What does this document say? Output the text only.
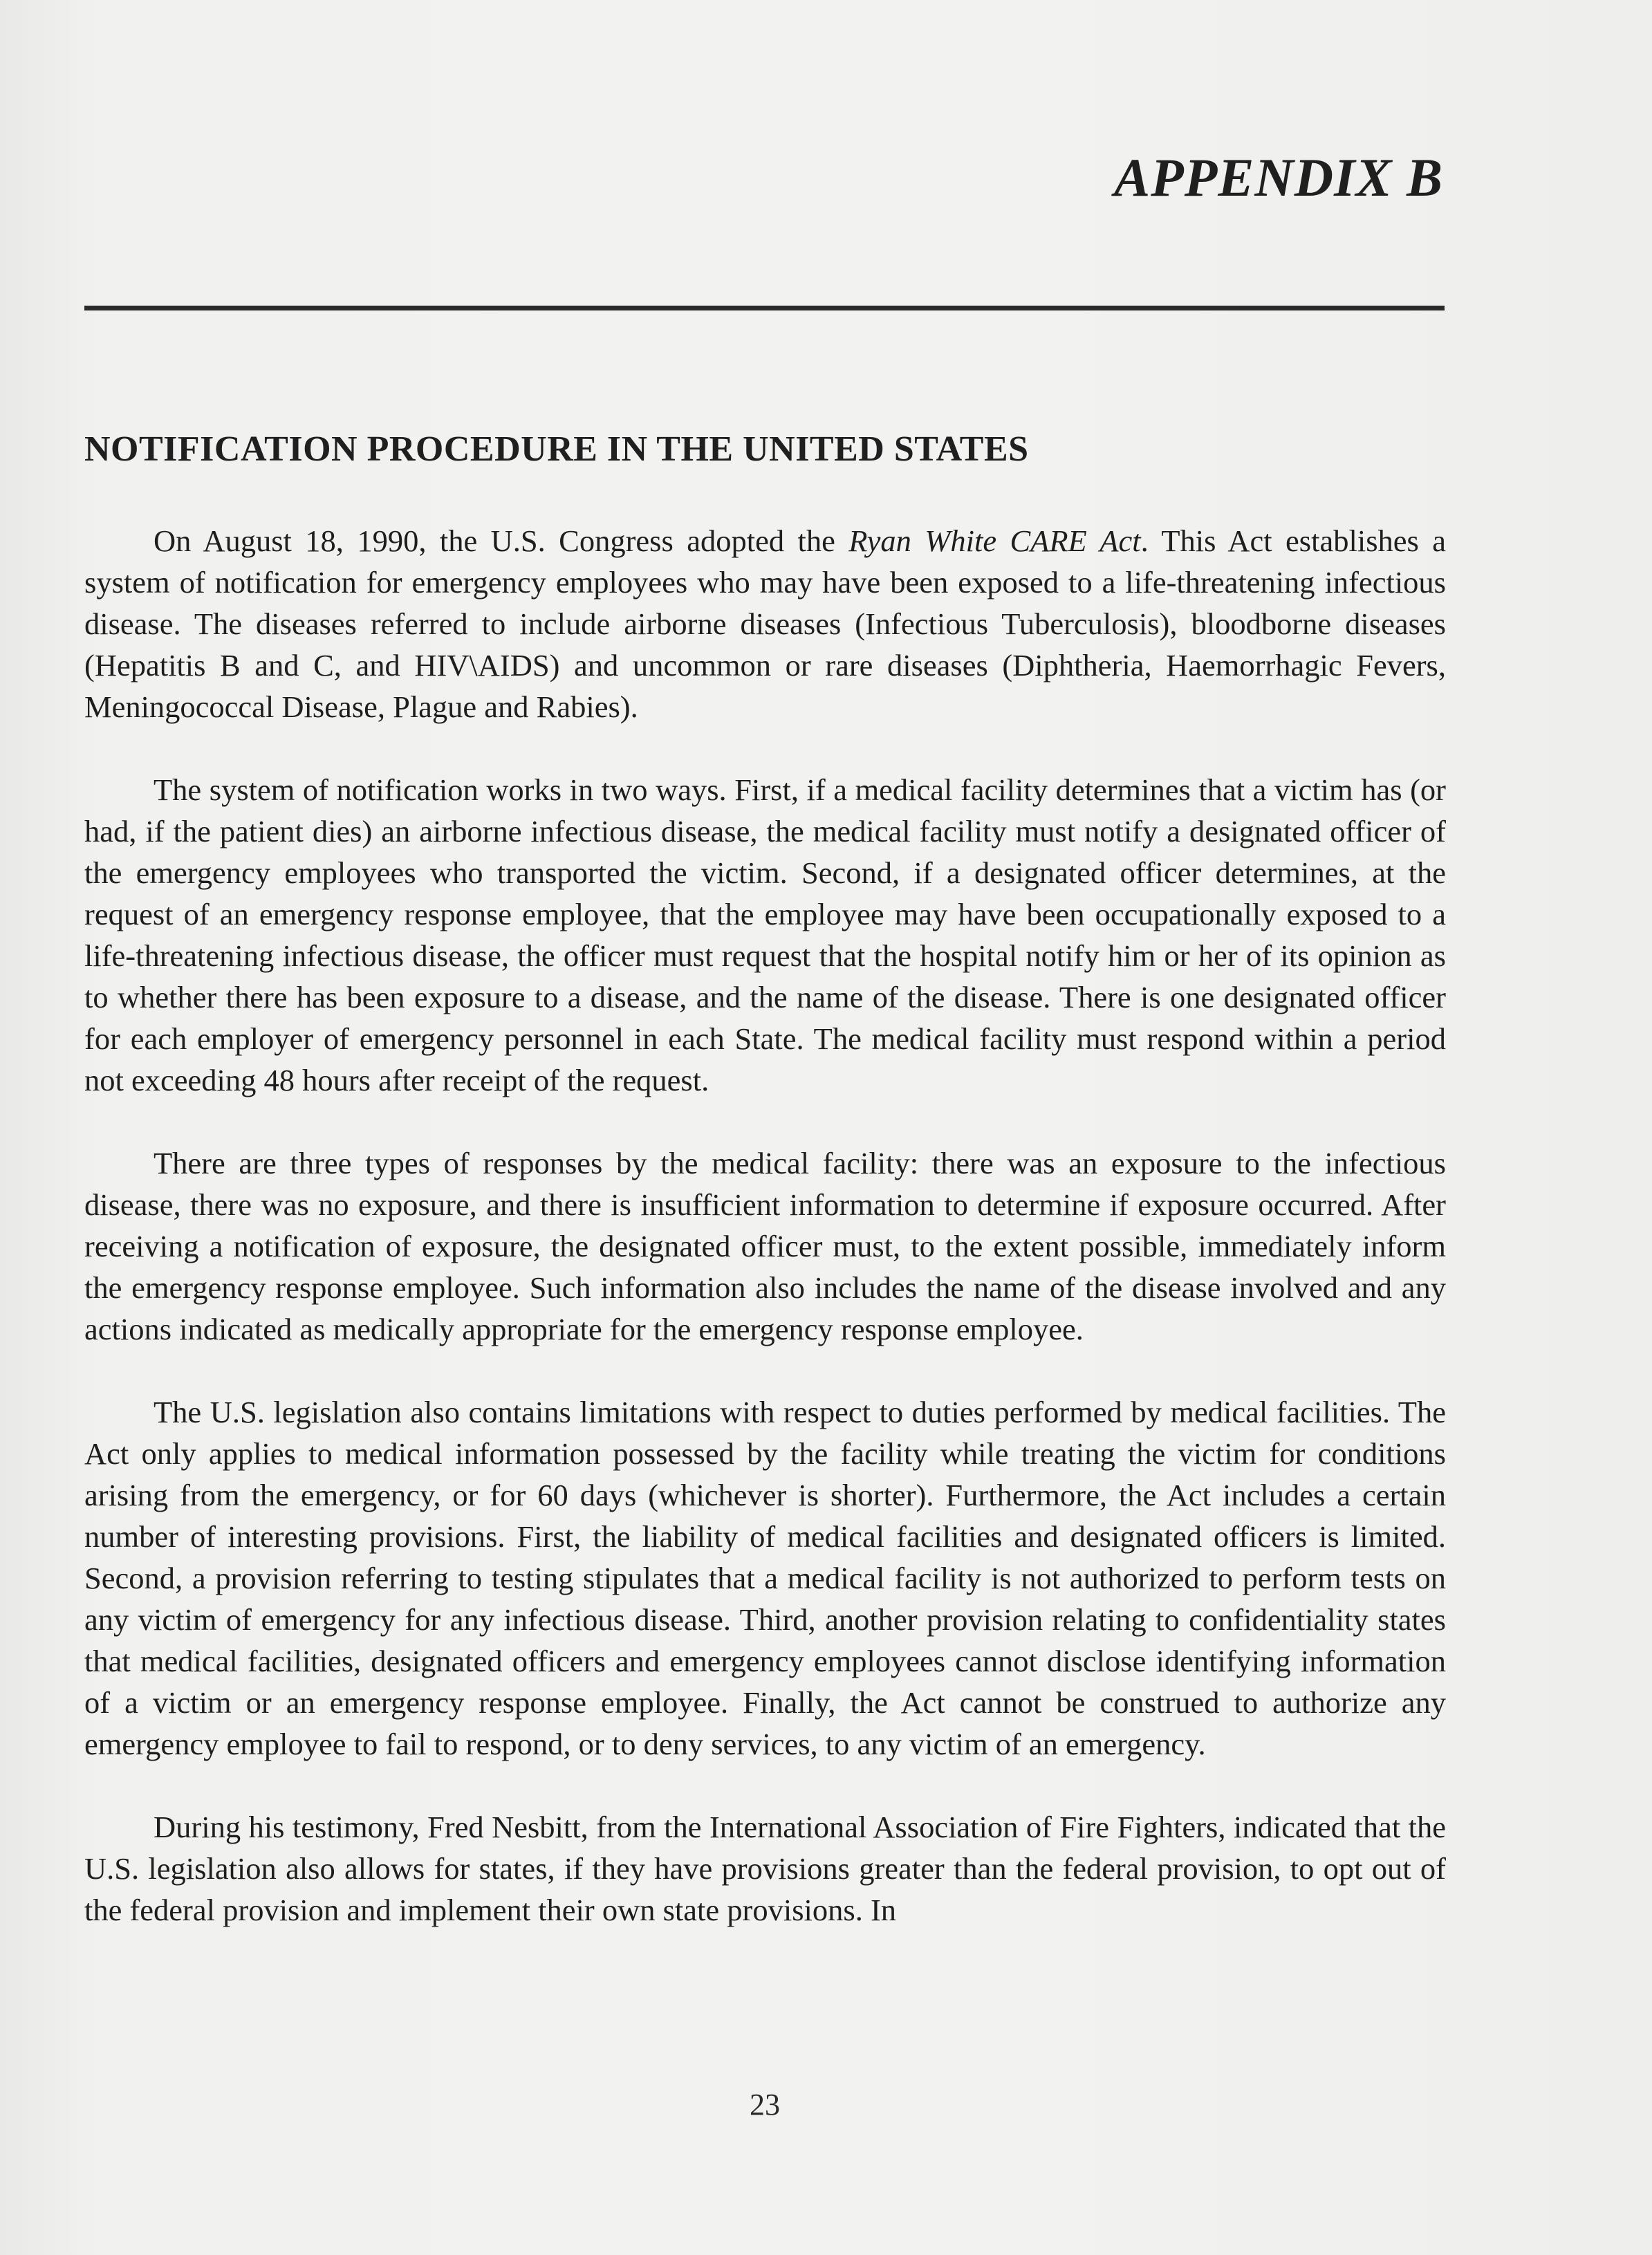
APPENDIX B
NOTIFICATION PROCEDURE IN THE UNITED STATES

On August 18, 1990, the U.S. Congress adopted the Ryan White CARE Act. This Act establishes a system of notification for emergency employees who may have been exposed to a life-threatening infectious disease. The diseases referred to include airborne diseases (Infectious Tuberculosis), bloodborne diseases (Hepatitis B and C, and HIV\AIDS) and uncommon or rare diseases (Diphtheria, Haemorrhagic Fevers, Meningococcal Disease, Plague and Rabies).

The system of notification works in two ways. First, if a medical facility determines that a victim has (or had, if the patient dies) an airborne infectious disease, the medical facility must notify a designated officer of the emergency employees who transported the victim. Second, if a designated officer determines, at the request of an emergency response employee, that the employee may have been occupationally exposed to a life-threatening infectious disease, the officer must request that the hospital notify him or her of its opinion as to whether there has been exposure to a disease, and the name of the disease. There is one designated officer for each employer of emergency personnel in each State. The medical facility must respond within a period not exceeding 48 hours after receipt of the request.

There are three types of responses by the medical facility: there was an exposure to the infectious disease, there was no exposure, and there is insufficient information to determine if exposure occurred. After receiving a notification of exposure, the designated officer must, to the extent possible, immediately inform the emergency response employee. Such information also includes the name of the disease involved and any actions indicated as medically appropriate for the emergency response employee.

The U.S. legislation also contains limitations with respect to duties performed by medical facilities. The Act only applies to medical information possessed by the facility while treating the victim for conditions arising from the emergency, or for 60 days (whichever is shorter). Furthermore, the Act includes a certain number of interesting provisions. First, the liability of medical facilities and designated officers is limited. Second, a provision referring to testing stipulates that a medical facility is not authorized to perform tests on any victim of emergency for any infectious disease. Third, another provision relating to confidentiality states that medical facilities, designated officers and emergency employees cannot disclose identifying information of a victim or an emergency response employee. Finally, the Act cannot be construed to authorize any emergency employee to fail to respond, or to deny services, to any victim of an emergency.

During his testimony, Fred Nesbitt, from the International Association of Fire Fighters, indicated that the U.S. legislation also allows for states, if they have provisions greater than the federal provision, to opt out of the federal provision and implement their own state provisions. In

23
